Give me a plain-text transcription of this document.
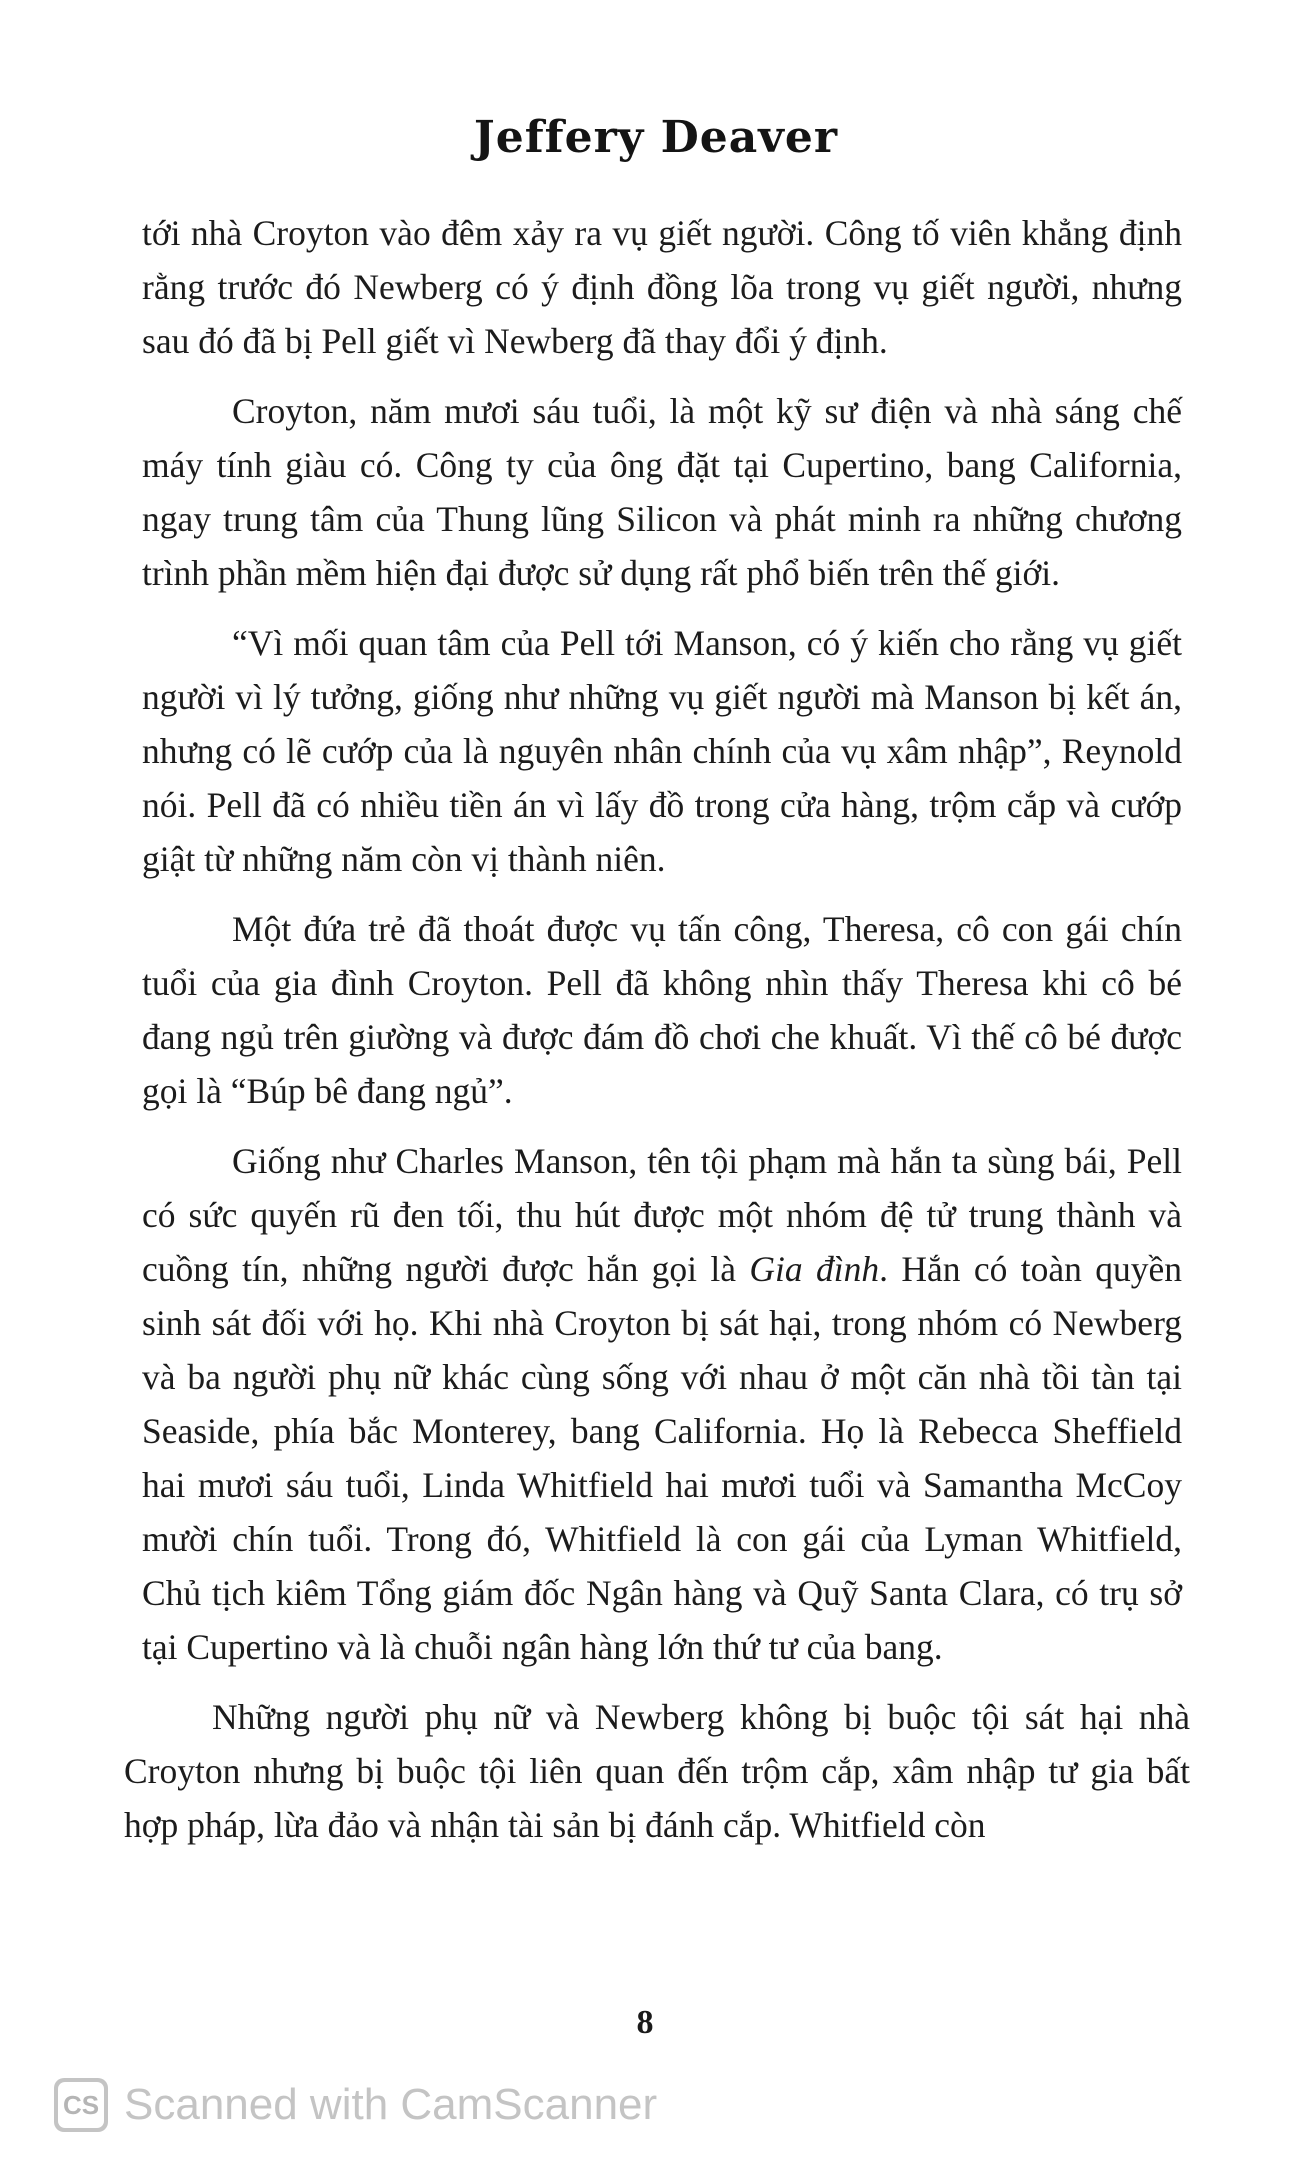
Jeffery Deaver

tới nhà Croyton vào đêm xảy ra vụ giết người. Công tố viên khẳng định rằng trước đó Newberg có ý định đồng lõa trong vụ giết người, nhưng sau đó đã bị Pell giết vì Newberg đã thay đổi ý định.

Croyton, năm mươi sáu tuổi, là một kỹ sư điện và nhà sáng chế máy tính giàu có. Công ty của ông đặt tại Cupertino, bang California, ngay trung tâm của Thung lũng Silicon và phát minh ra những chương trình phần mềm hiện đại được sử dụng rất phổ biến trên thế giới.

“Vì mối quan tâm của Pell tới Manson, có ý kiến cho rằng vụ giết người vì lý tưởng, giống như những vụ giết người mà Manson bị kết án, nhưng có lẽ cướp của là nguyên nhân chính của vụ xâm nhập”, Reynold nói. Pell đã có nhiều tiền án vì lấy đồ trong cửa hàng, trộm cắp và cướp giật từ những năm còn vị thành niên.

Một đứa trẻ đã thoát được vụ tấn công, Theresa, cô con gái chín tuổi của gia đình Croyton. Pell đã không nhìn thấy Theresa khi cô bé đang ngủ trên giường và được đám đồ chơi che khuất. Vì thế cô bé được gọi là “Búp bê đang ngủ”.

Giống như Charles Manson, tên tội phạm mà hắn ta sùng bái, Pell có sức quyến rũ đen tối, thu hút được một nhóm đệ tử trung thành và cuồng tín, những người được hắn gọi là Gia đình. Hắn có toàn quyền sinh sát đối với họ. Khi nhà Croyton bị sát hại, trong nhóm có Newberg và ba người phụ nữ khác cùng sống với nhau ở một căn nhà tồi tàn tại Seaside, phía bắc Monterey, bang California. Họ là Rebecca Sheffield hai mươi sáu tuổi, Linda Whitfield hai mươi tuổi và Samantha McCoy mười chín tuổi. Trong đó, Whitfield là con gái của Lyman Whitfield, Chủ tịch kiêm Tổng giám đốc Ngân hàng và Quỹ Santa Clara, có trụ sở tại Cupertino và là chuỗi ngân hàng lớn thứ tư của bang.

Những người phụ nữ và Newberg không bị buộc tội sát hại nhà Croyton nhưng bị buộc tội liên quan đến trộm cắp, xâm nhập tư gia bất hợp pháp, lừa đảo và nhận tài sản bị đánh cắp. Whitfield còn

8
CS Scanned with CamScanner
